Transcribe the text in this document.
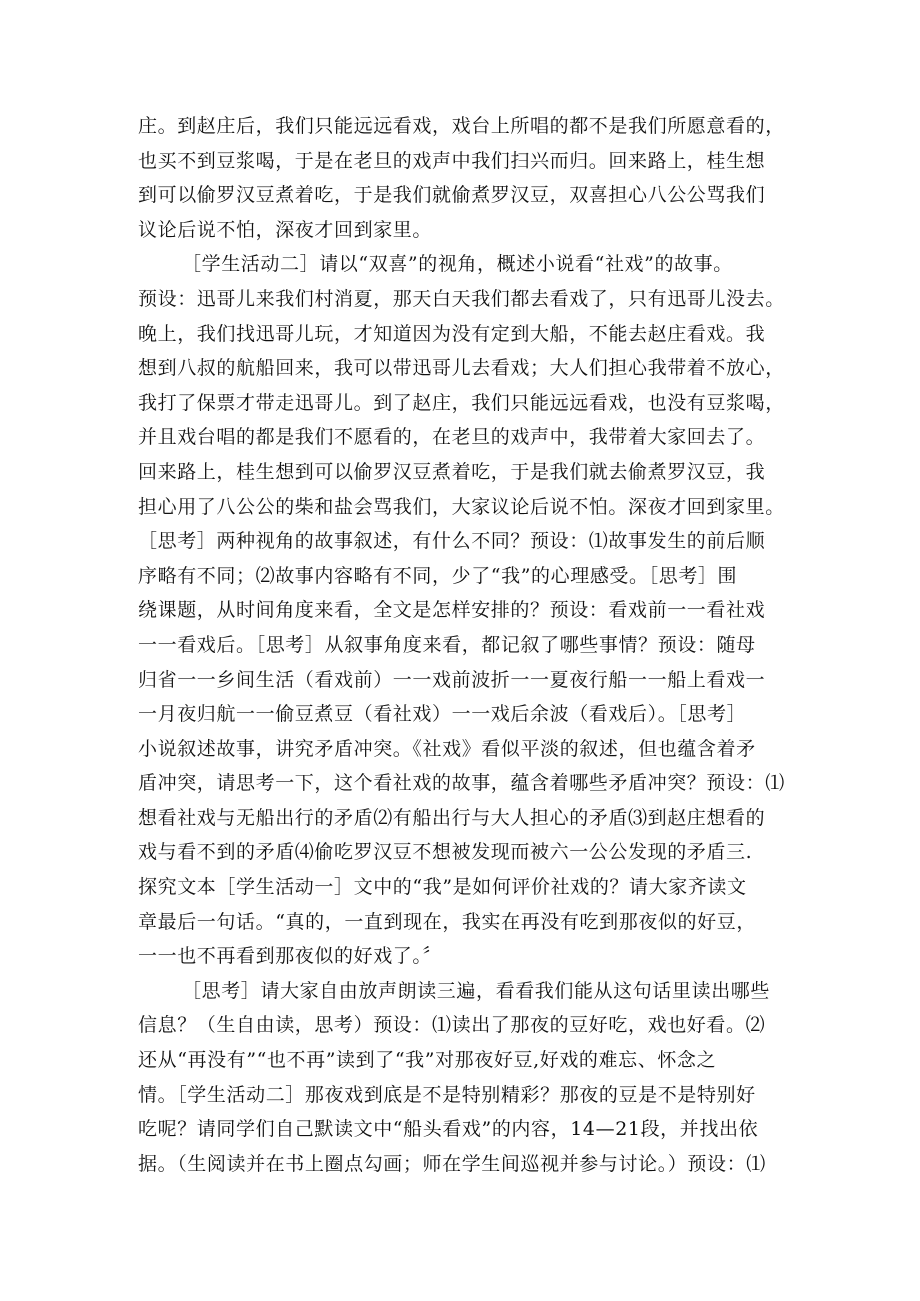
庄。到赵庄后，我们只能远远看戏，戏台上所唱的都不是我们所愿意看的，
也买不到豆浆喝，于是在老旦的戏声中我们扫兴而归。回来路上，桂生想
到可以偷罗汉豆煮着吃，于是我们就偷煮罗汉豆，双喜担心八公公骂我们
议论后说不怕，深夜才回到家里。
［学生活动二］请以“双喜”的视角，概述小说看“社戏”的故事。
预设：迅哥儿来我们村消夏，那天白天我们都去看戏了，只有迅哥儿没去。
晚上，我们找迅哥儿玩，才知道因为没有定到大船，不能去赵庄看戏。我
想到八叔的航船回来，我可以带迅哥儿去看戏；大人们担心我带着不放心，
我打了保票才带走迅哥儿。到了赵庄，我们只能远远看戏，也没有豆浆喝，
并且戏台唱的都是我们不愿看的，在老旦的戏声中，我带着大家回去了。
回来路上，桂生想到可以偷罗汉豆煮着吃，于是我们就去偷煮罗汉豆，我
担心用了八公公的柴和盐会骂我们，大家议论后说不怕。深夜才回到家里。
［思考］两种视角的故事叙述，有什么不同？预设：⑴故事发生的前后顺
序略有不同；⑵故事内容略有不同，少了“我”的心理感受。［思考］围
绕课题，从时间角度来看，全文是怎样安排的？预设：看戏前一一看社戏
一一看戏后。［思考］从叙事角度来看，都记叙了哪些事情？预设：随母
归省一一乡间生活（看戏前）一一戏前波折一一夏夜行船一一船上看戏一
一月夜归航一一偷豆煮豆（看社戏）一一戏后余波（看戏后）。［思考］
小说叙述故事，讲究矛盾冲突。《社戏》看似平淡的叙述，但也蕴含着矛
盾冲突，请思考一下，这个看社戏的故事，蕴含着哪些矛盾冲突？预设：⑴
想看社戏与无船出行的矛盾⑵有船出行与大人担心的矛盾⑶到赵庄想看的
戏与看不到的矛盾⑷偷吃罗汉豆不想被发现而被六一公公发现的矛盾三.
探究文本［学生活动一］文中的“我”是如何评价社戏的？请大家齐读文
章最后一句话。“真的，一直到现在，我实在再没有吃到那夜似的好豆，
一一也不再看到那夜似的好戏了。〞
［思考］请大家自由放声朗读三遍，看看我们能从这句话里读出哪些
信息？（生自由读，思考）预设：⑴读出了那夜的豆好吃，戏也好看。⑵
还从“再没有”“也不再”读到了“我”对那夜好豆,好戏的难忘、怀念之
情。［学生活动二］那夜戏到底是不是特别精彩？那夜的豆是不是特别好
吃呢？请同学们自己默读文中“船头看戏”的内容，14—21段，并找出依
据。（生阅读并在书上圈点勾画；师在学生间巡视并参与讨论。）预设：⑴
